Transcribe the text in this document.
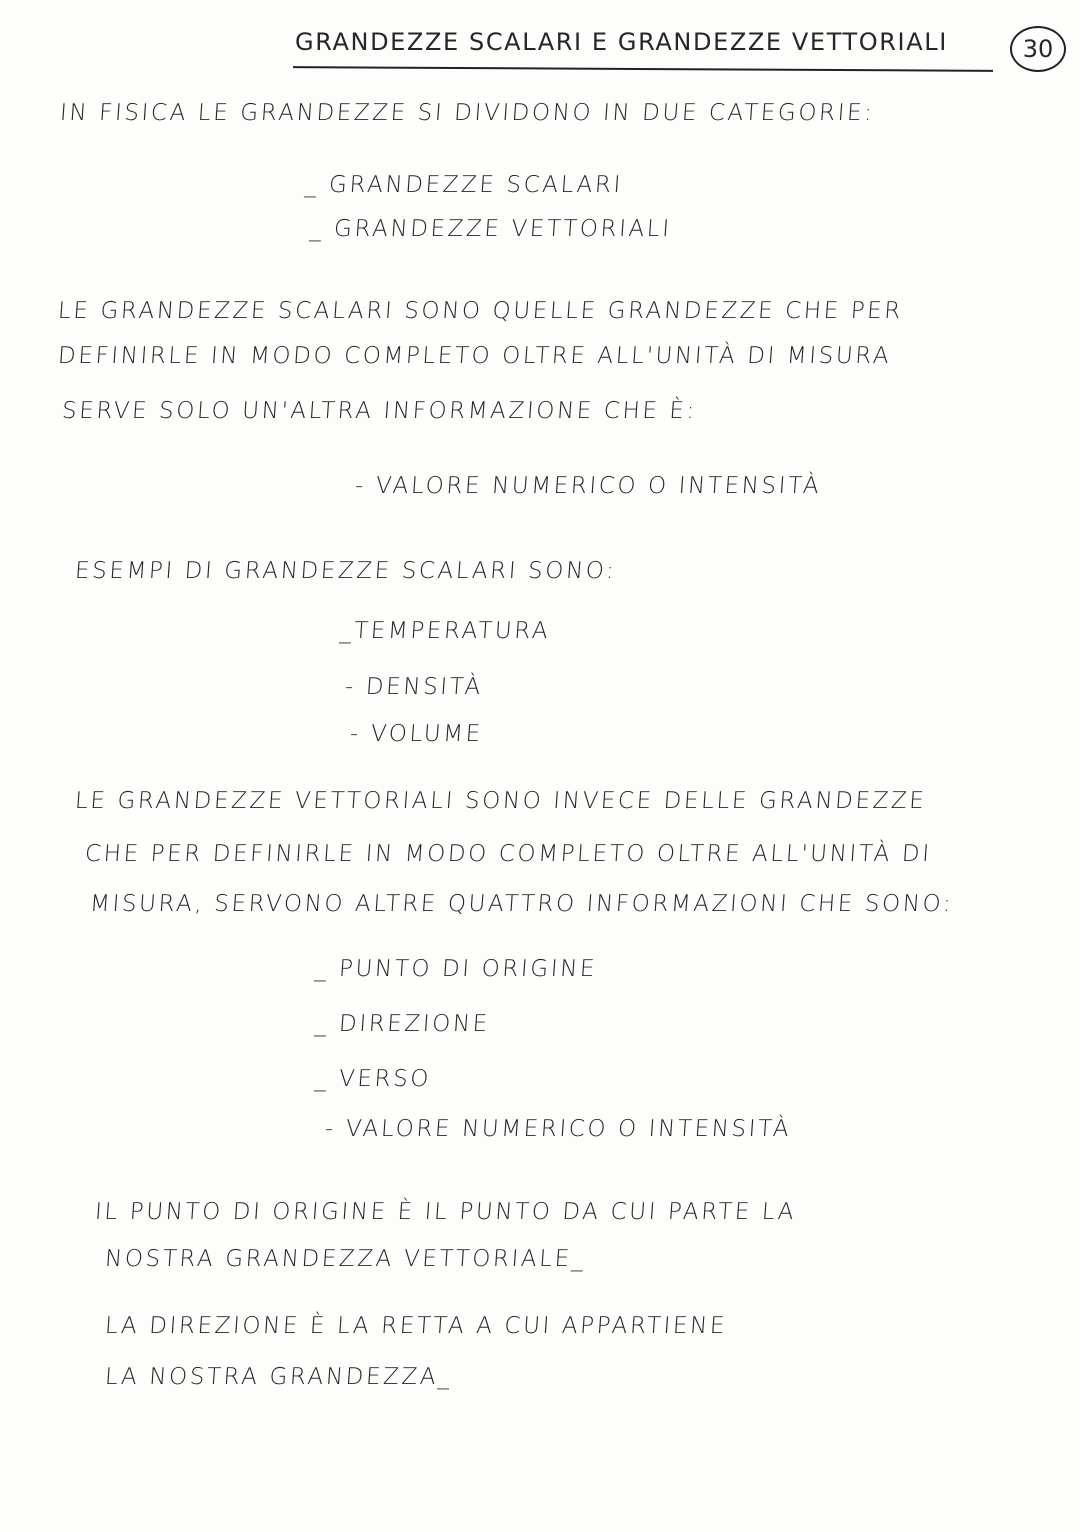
GRANDEZZE SCALARI E GRANDEZZE VETTORIALI	30
IN FISICA LE GRANDEZZE SI DIVIDONO IN DUE CATEGORIE:
_ GRANDEZZE SCALARI
_ GRANDEZZE VETTORIALI
LE GRANDEZZE SCALARI SONO QUELLE GRANDEZZE CHE PER
DEFINIRLE IN MODO COMPLETO OLTRE ALL'UNITÀ DI MISURA
SERVE SOLO UN'ALTRA INFORMAZIONE CHE È:
- VALORE NUMERICO O INTENSITÀ
ESEMPI DI GRANDEZZE SCALARI SONO:
_TEMPERATURA
- DENSITÀ
- VOLUME
LE GRANDEZZE VETTORIALI SONO INVECE DELLE GRANDEZZE
CHE PER DEFINIRLE IN MODO COMPLETO OLTRE ALL'UNITÀ DI
MISURA, SERVONO ALTRE QUATTRO INFORMAZIONI CHE SONO:
_ PUNTO DI ORIGINE
_ DIREZIONE
_ VERSO
- VALORE NUMERICO O INTENSITÀ
IL PUNTO DI ORIGINE È IL PUNTO DA CUI PARTE LA
NOSTRA GRANDEZZA VETTORIALE_
LA DIREZIONE È LA RETTA A CUI APPARTIENE
LA NOSTRA GRANDEZZA_
